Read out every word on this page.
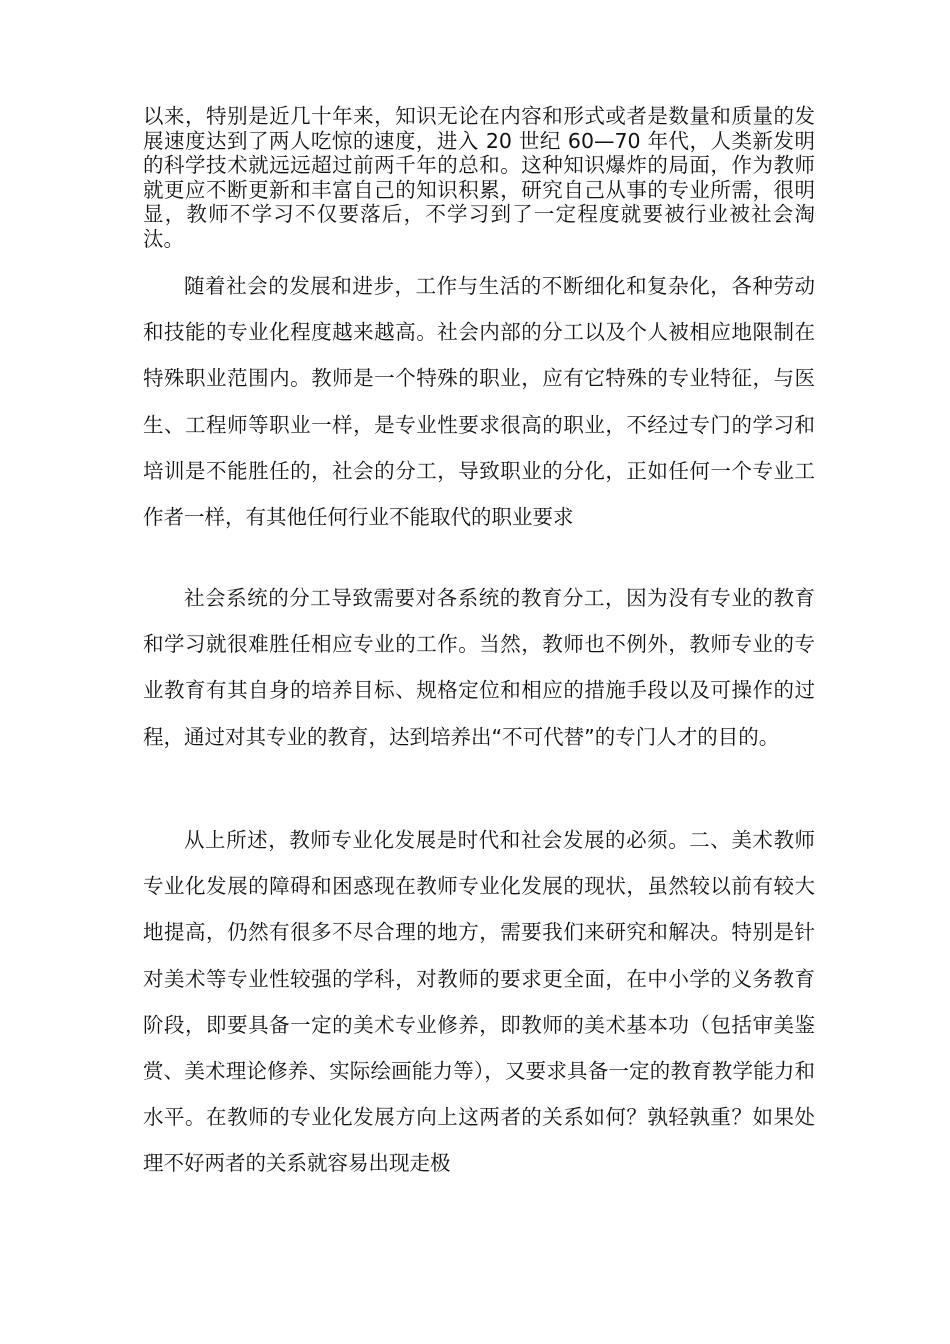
以来，特别是近几十年来，知识无论在内容和形式或者是数量和质量的发展速度达到了两人吃惊的速度，进入 20 世纪 60—70 年代，人类新发明的科学技术就远远超过前两千年的总和。这种知识爆炸的局面，作为教师就更应不断更新和丰富自己的知识积累，研究自己从事的专业所需，很明显，教师不学习不仅要落后，不学习到了一定程度就要被行业被社会淘汰。

随着社会的发展和进步，工作与生活的不断细化和复杂化，各种劳动和技能的专业化程度越来越高。社会内部的分工以及个人被相应地限制在特殊职业范围内。教师是一个特殊的职业，应有它特殊的专业特征，与医生、工程师等职业一样，是专业性要求很高的职业，不经过专门的学习和培训是不能胜任的，社会的分工，导致职业的分化，正如任何一个专业工作者一样，有其他任何行业不能取代的职业要求

社会系统的分工导致需要对各系统的教育分工，因为没有专业的教育和学习就很难胜任相应专业的工作。当然，教师也不例外，教师专业的专业教育有其自身的培养目标、规格定位和相应的措施手段以及可操作的过程，通过对其专业的教育，达到培养出“不可代替”的专门人才的目的。

从上所述，教师专业化发展是时代和社会发展的必须。二、美术教师专业化发展的障碍和困惑现在教师专业化发展的现状，虽然较以前有较大地提高，仍然有很多不尽合理的地方，需要我们来研究和解决。特别是针对美术等专业性较强的学科，对教师的要求更全面，在中小学的义务教育阶段，即要具备一定的美术专业修养，即教师的美术基本功（包括审美鉴赏、美术理论修养、实际绘画能力等），又要求具备一定的教育教学能力和水平。在教师的专业化发展方向上这两者的关系如何？孰轻孰重？如果处理不好两者的关系就容易出现走极
